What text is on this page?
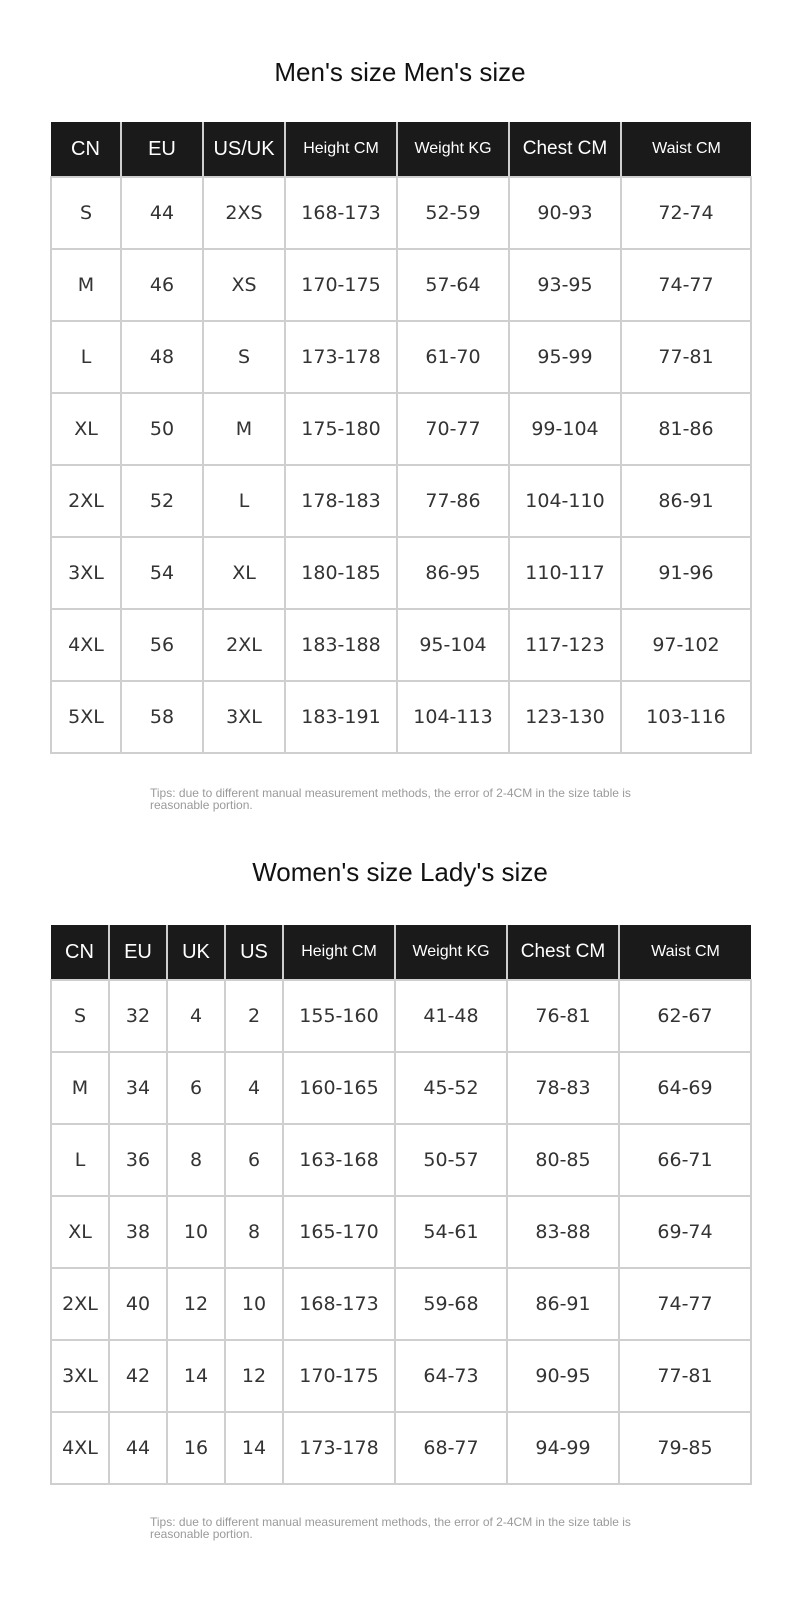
Men's size Men's size
CN	EU	US/UK	Height CM	Weight KG	Chest CM	Waist CM
S	44	2XS	168-173	52-59	90-93	72-74
M	46	XS	170-175	57-64	93-95	74-77
L	48	S	173-178	61-70	95-99	77-81
XL	50	M	175-180	70-77	99-104	81-86
2XL	52	L	178-183	77-86	104-110	86-91
3XL	54	XL	180-185	86-95	110-117	91-96
4XL	56	2XL	183-188	95-104	117-123	97-102
5XL	58	3XL	183-191	104-113	123-130	103-116

Tips: due to different manual measurement methods, the error of 2-4CM in the size table is reasonable portion.

Women's size Lady's size
CN	EU	UK	US	Height CM	Weight KG	Chest CM	Waist CM
S	32	4	2	155-160	41-48	76-81	62-67
M	34	6	4	160-165	45-52	78-83	64-69
L	36	8	6	163-168	50-57	80-85	66-71
XL	38	10	8	165-170	54-61	83-88	69-74
2XL	40	12	10	168-173	59-68	86-91	74-77
3XL	42	14	12	170-175	64-73	90-95	77-81
4XL	44	16	14	173-178	68-77	94-99	79-85

Tips: due to different manual measurement methods, the error of 2-4CM in the size table is reasonable portion.
